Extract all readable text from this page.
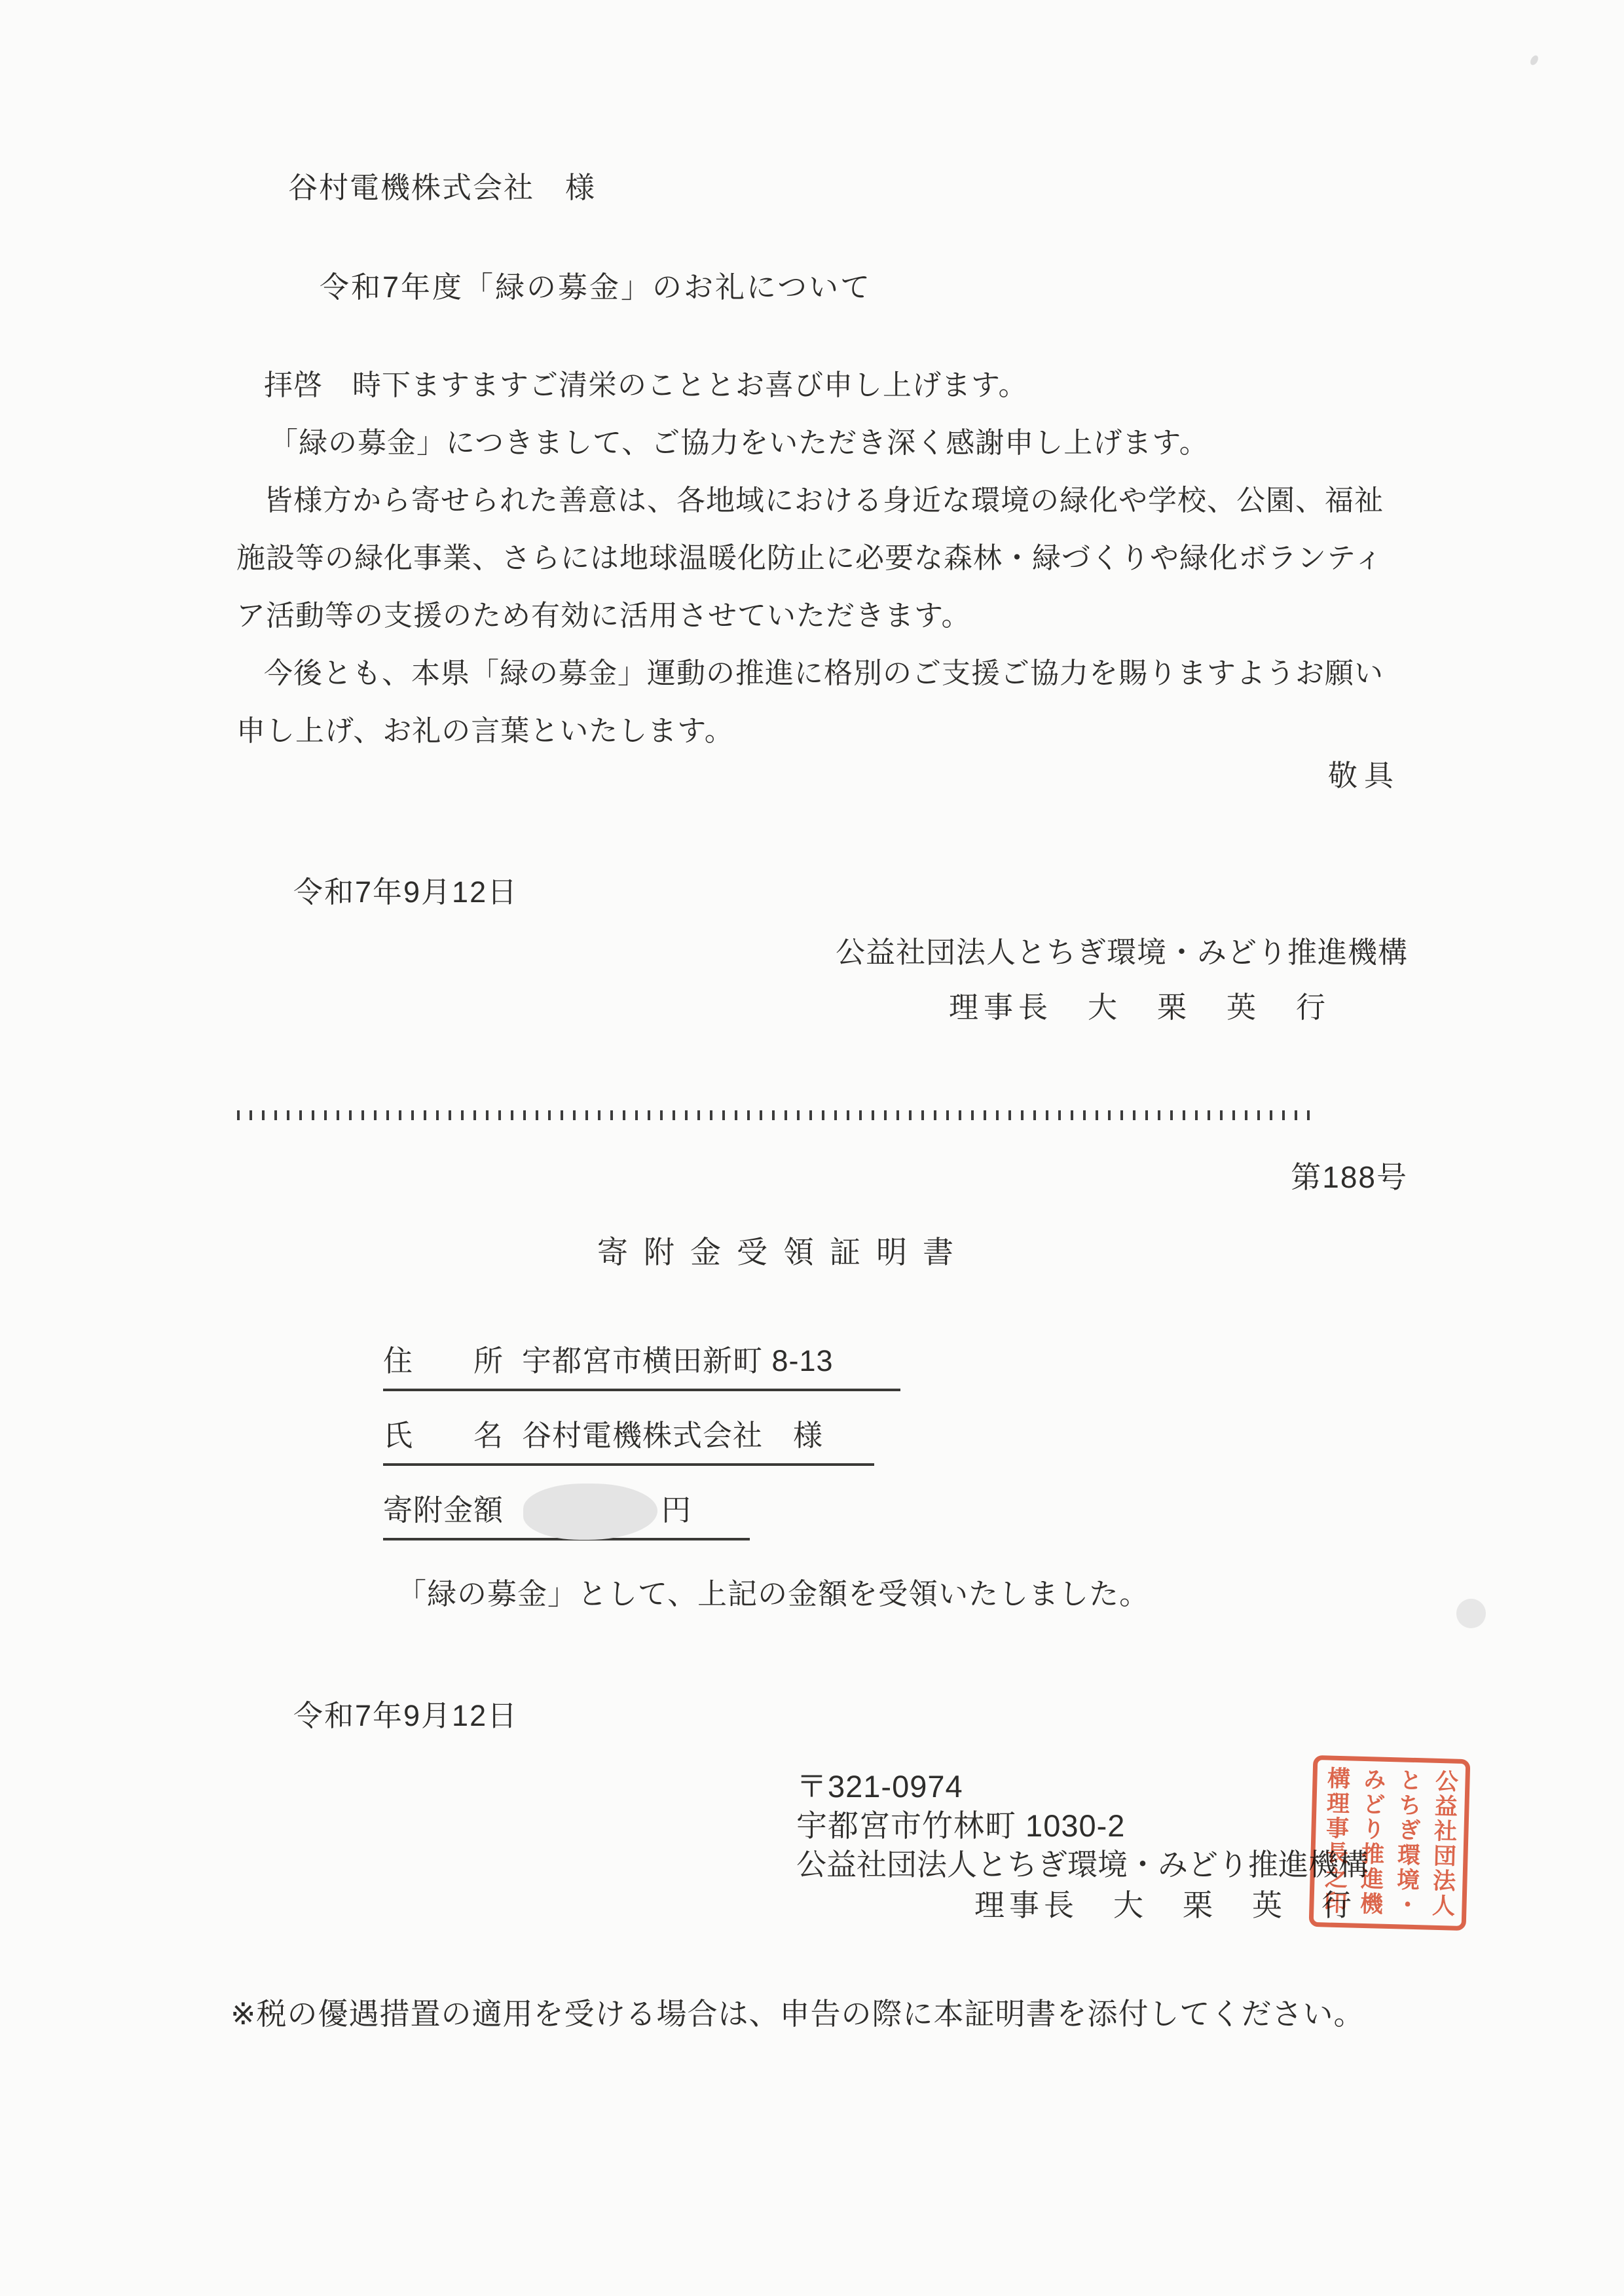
谷村電機株式会社　様
令和7年度「緑の募金」のお礼について
拝啓　時下ますますご清栄のこととお喜び申し上げます。
「緑の募金」につきまして、ご協力をいただき深く感謝申し上げます。
皆様方から寄せられた善意は、各地域における身近な環境の緑化や学校、公園、福祉
施設等の緑化事業、さらには地球温暖化防止に必要な森林・緑づくりや緑化ボランティ
ア活動等の支援のため有効に活用させていただきます。
今後とも、本県「緑の募金」運動の推進に格別のご支援ご協力を賜りますようお願い
申し上げ、お礼の言葉といたします。
敬具
令和7年9月12日
公益社団法人とちぎ環境・みどり推進機構
理事長　大　栗　英　行
第188号
寄附金受領証明書
住　　所 宇都宮市横田新町 8-13
氏　　名 谷村電機株式会社　様
寄附金額	円
「緑の募金」として、上記の金額を受領いたしました。
令和7年9月12日
〒321-0974
宇都宮市竹林町 1030-2
公益社団法人とちぎ環境・みどり推進機構
理事長　大　栗　英　行	公益社団法人とちぎ環境・みどり推進機構理事長之印
※税の優遇措置の適用を受ける場合は、申告の際に本証明書を添付してください。
